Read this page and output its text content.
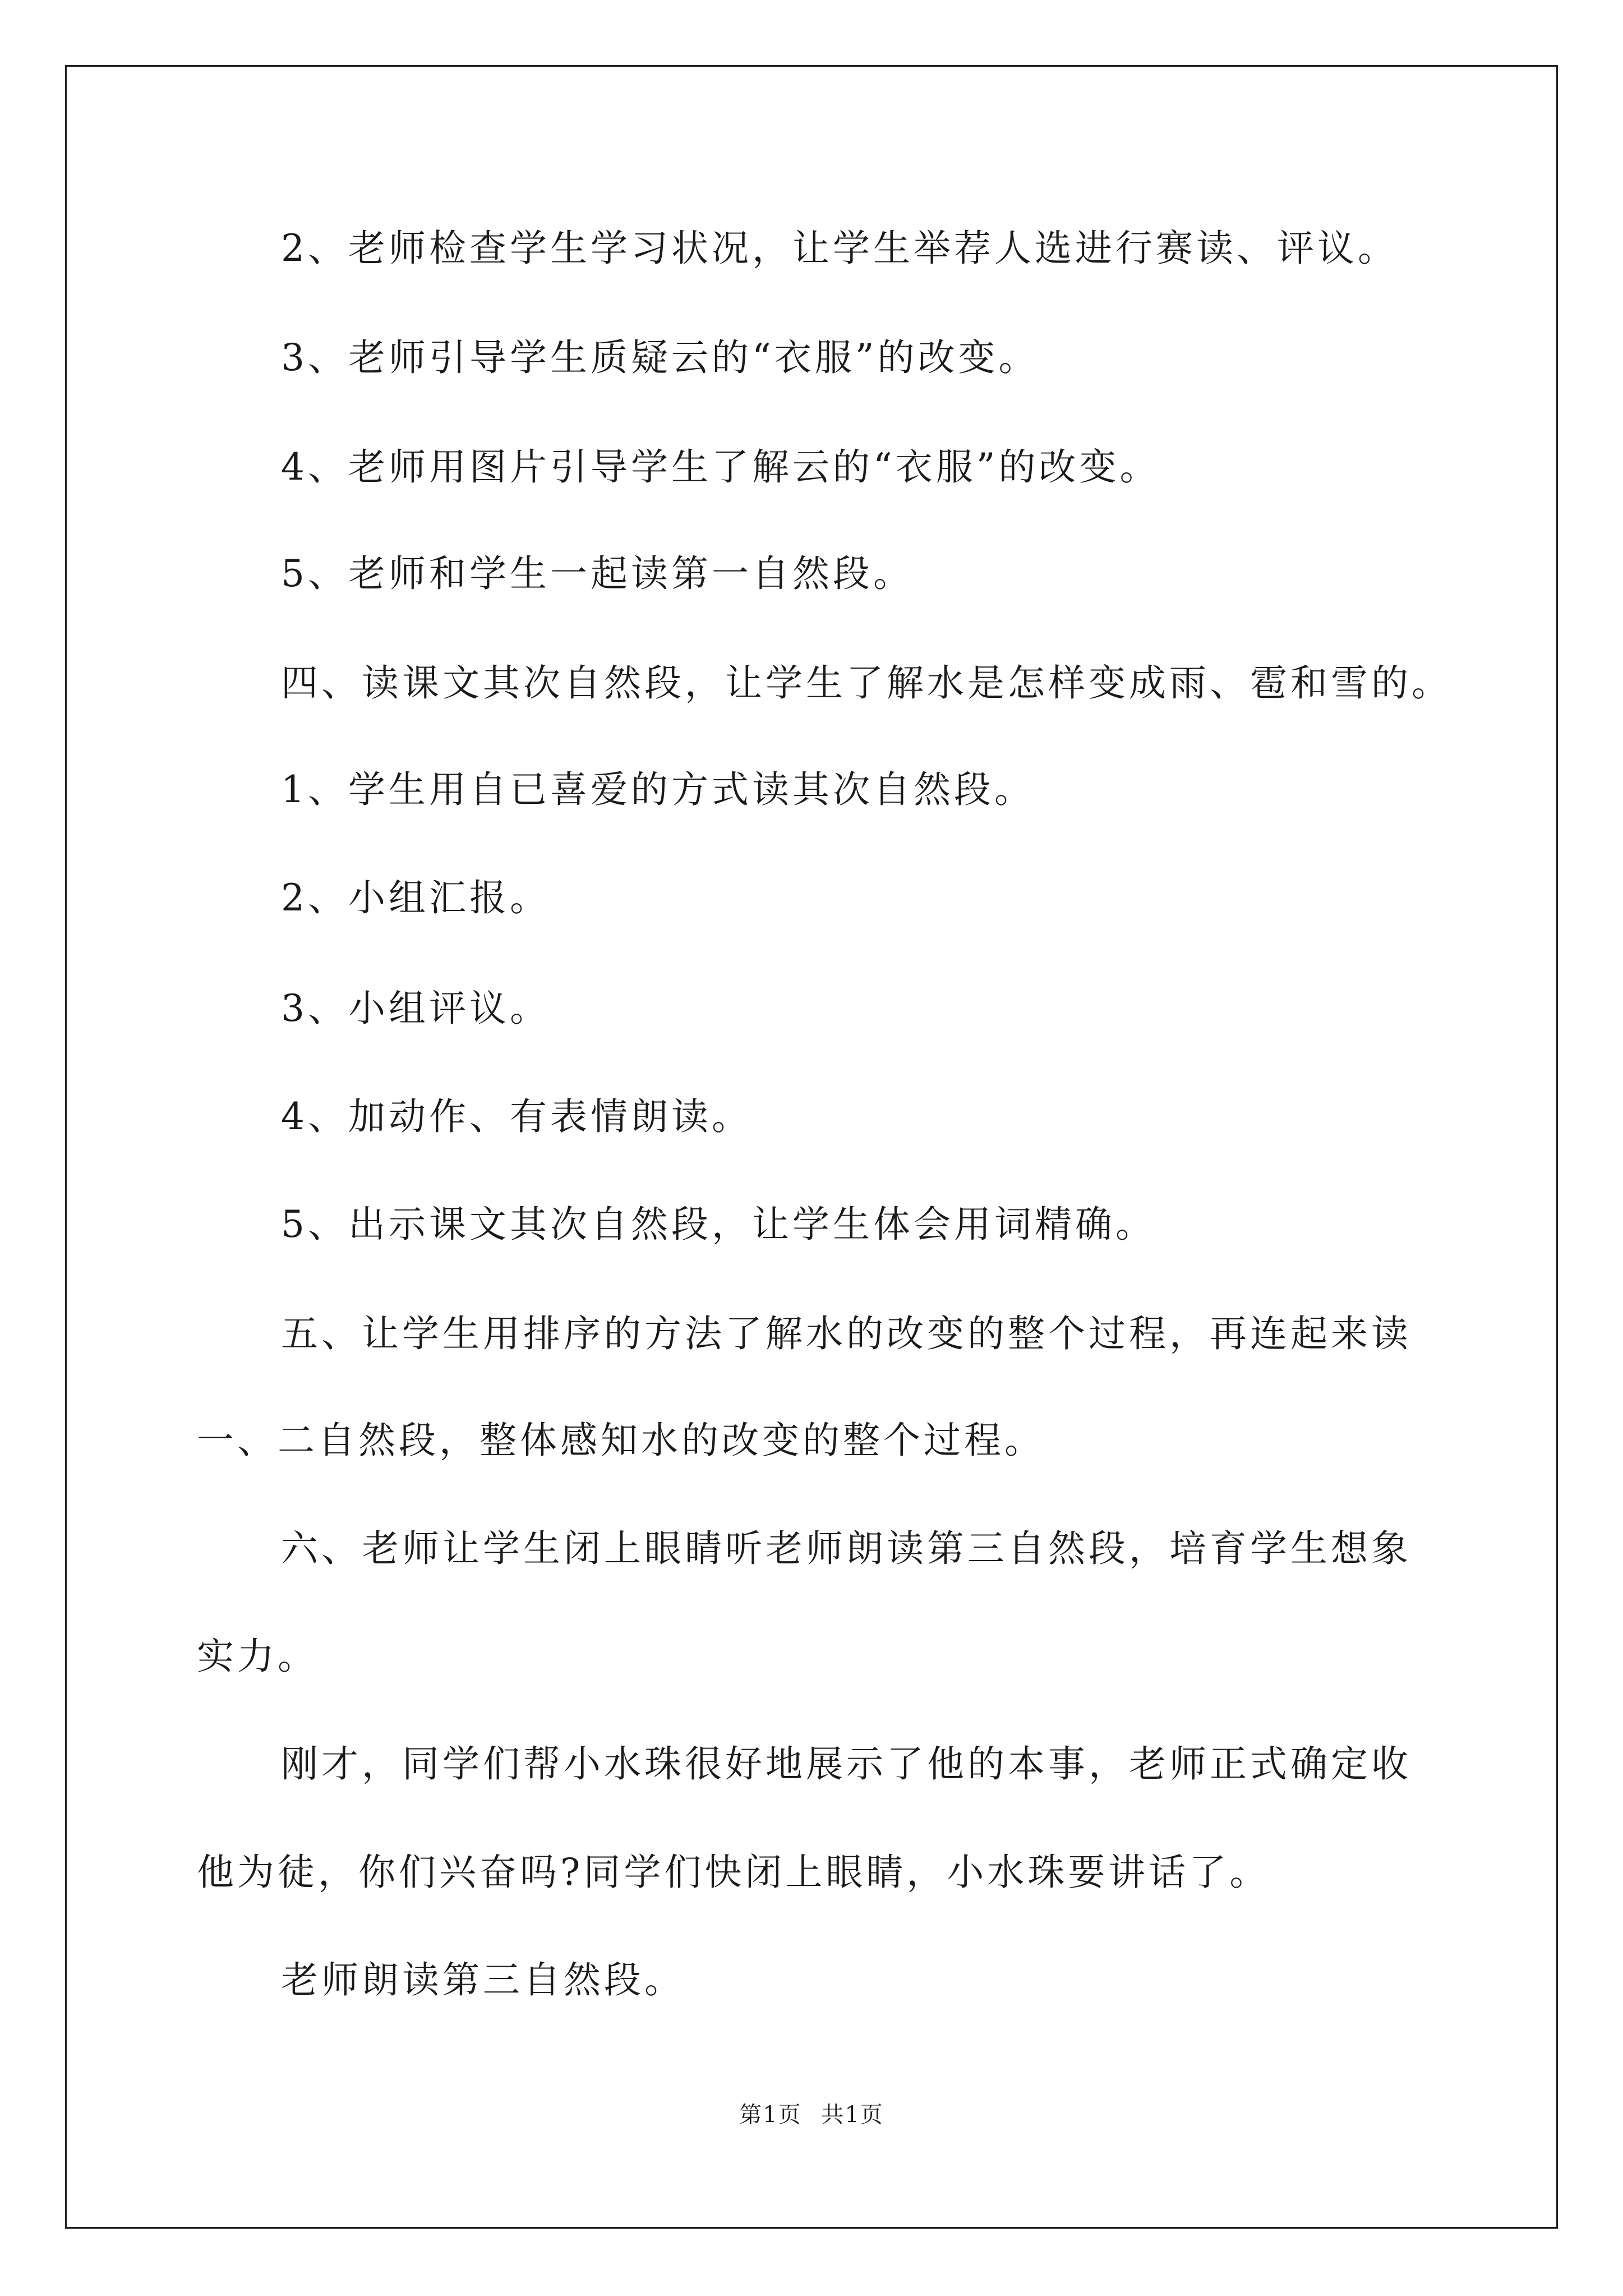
2、老师检查学生学习状况，让学生举荐人选进行赛读、评议。

3、老师引导学生质疑云的“衣服”的改变。

4、老师用图片引导学生了解云的“衣服”的改变。

5、老师和学生一起读第一自然段。

四、读课文其次自然段，让学生了解水是怎样变成雨、雹和雪的。

1、学生用自已喜爱的方式读其次自然段。

2、小组汇报。

3、小组评议。

4、加动作、有表情朗读。

5、出示课文其次自然段，让学生体会用词精确。

五、让学生用排序的方法了解水的改变的整个过程，再连起来读

一、二自然段，整体感知水的改变的整个过程。

六、老师让学生闭上眼睛听老师朗读第三自然段，培育学生想象

实力。

刚才，同学们帮小水珠很好地展示了他的本事，老师正式确定收

他为徒，你们兴奋吗?同学们快闭上眼睛，小水珠要讲话了。

老师朗读第三自然段。

第1页 共1页
